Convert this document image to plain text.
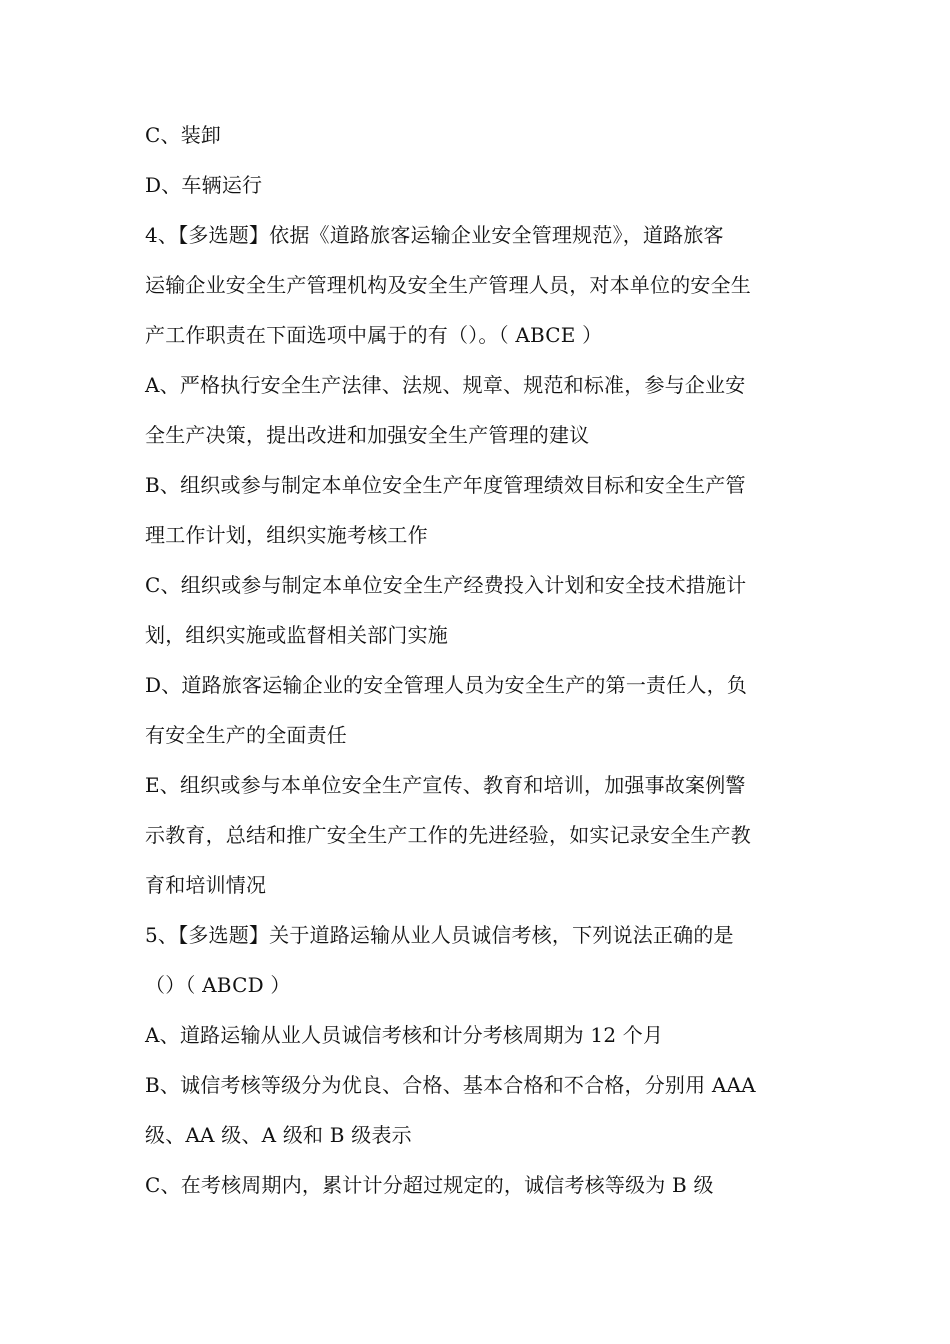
C、装卸
D、车辆运行
4、【多选题】依据《道路旅客运输企业安全管理规范》，道路旅客
运输企业安全生产管理机构及安全生产管理人员，对本单位的安全生
产工作职责在下面选项中属于的有（）。（ ABCE ）
A、严格执行安全生产法律、法规、规章、规范和标准，参与企业安
全生产决策，提出改进和加强安全生产管理的建议
B、组织或参与制定本单位安全生产年度管理绩效目标和安全生产管
理工作计划，组织实施考核工作
C、组织或参与制定本单位安全生产经费投入计划和安全技术措施计
划，组织实施或监督相关部门实施
D、道路旅客运输企业的安全管理人员为安全生产的第一责任人，负
有安全生产的全面责任
E、组织或参与本单位安全生产宣传、教育和培训，加强事故案例警
示教育，总结和推广安全生产工作的先进经验，如实记录安全生产教
育和培训情况
5、【多选题】关于道路运输从业人员诚信考核，下列说法正确的是
（）（ ABCD ）
A、道路运输从业人员诚信考核和计分考核周期为 12 个月
B、诚信考核等级分为优良、合格、基本合格和不合格，分别用 AAA
级、AA 级、A 级和 B 级表示
C、在考核周期内，累计计分超过规定的，诚信考核等级为 B 级
